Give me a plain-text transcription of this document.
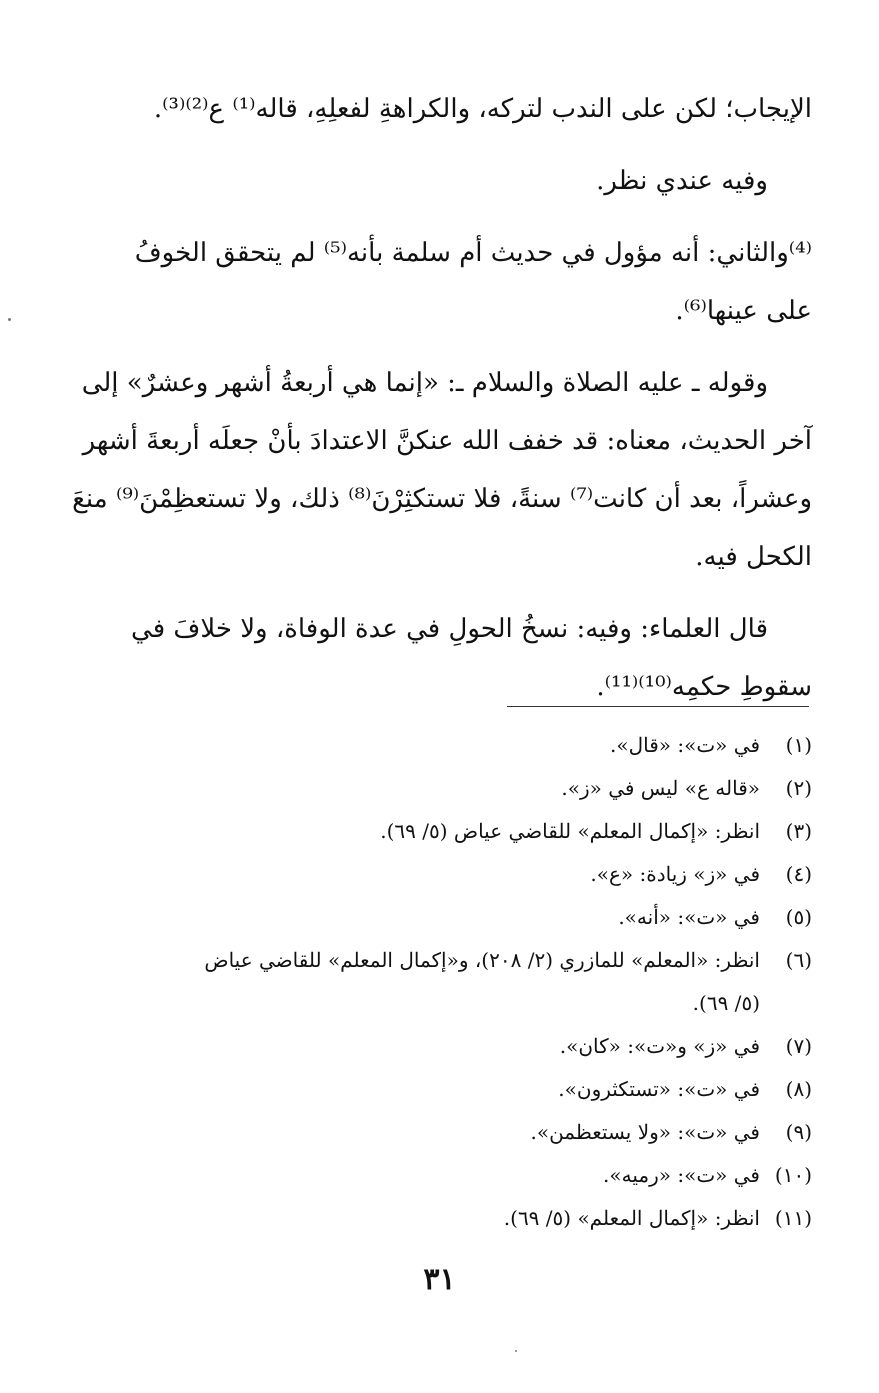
الإيجاب؛ لكن على الندب لتركه، والكراهةِ لفعلِهِ، قاله⁽¹⁾ ع⁽²⁾⁽³⁾.

وفيه عندي نظر.

⁽⁴⁾والثاني: أنه مؤول في حديث أم سلمة بأنه⁽⁵⁾ لم يتحقق الخوفُ
على عينها⁽⁶⁾.

وقوله ـ عليه الصلاة والسلام ـ: «إنما هي أربعةُ أشهر وعشرٌ» إلى
آخر الحديث، معناه: قد خفف الله عنكنَّ الاعتدادَ بأنْ جعلَه أربعةَ أشهر
وعشراً، بعد أن كانت⁽⁷⁾ سنةً، فلا تستكثِرْنَ⁽⁸⁾ ذلك، ولا تستعظِمْنَ⁽⁹⁾ منعَ
الكحل فيه.

قال العلماء: وفيه: نسخُ الحولِ في عدة الوفاة، ولا خلافَ في
سقوطِ حكمِه⁽¹⁰⁾⁽¹¹⁾.

(١)
في «ت»: «قال».
(٢)
«قاله ع» ليس في «ز».
(٣)
انظر: «إكمال المعلم» للقاضي عياض (٥/ ٦٩).
(٤)
في «ز» زيادة: «ع».
(٥)
في «ت»: «أنه».
(٦)
انظر: «المعلم» للمازري (٢/ ٢٠٨)، و«إكمال المعلم» للقاضي عياض
(٥/ ٦٩).
(٧)
في «ز» و«ت»: «كان».
(٨)
في «ت»: «تستكثرون».
(٩)
في «ت»: «ولا يستعظمن».
(١٠)
في «ت»: «رميه».
(١١)
انظر: «إكمال المعلم» (٥/ ٦٩).
٣١
